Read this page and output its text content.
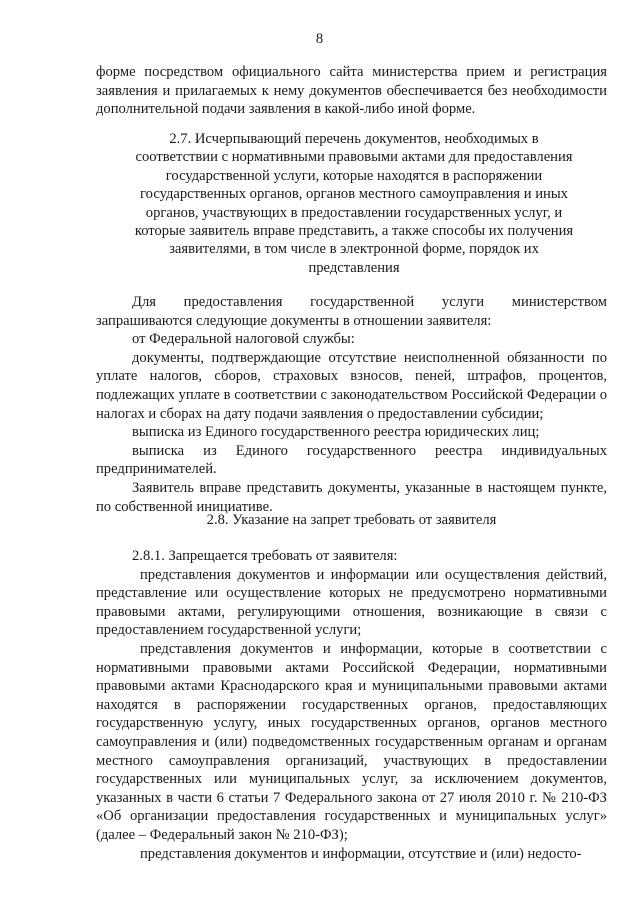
8

форме посредством официального сайта министерства прием и регистрация заявления и прилагаемых к нему документов обеспечивается без необходимости дополнительной подачи заявления в какой-либо иной форме.

2.7. Исчерпывающий перечень документов, необходимых в соответствии с нормативными правовыми актами для предоставления государственной услуги, которые находятся в распоряжении государственных органов, органов местного самоуправления и иных органов, участвующих в предоставлении государственных услуг, и которые заявитель вправе представить, а также способы их получения заявителями, в том числе в электронной форме, порядок их представления

Для предоставления государственной услуги министерством запрашиваются следующие документы в отношении заявителя:

от Федеральной налоговой службы:

документы, подтверждающие отсутствие неисполненной обязанности по уплате налогов, сборов, страховых взносов, пеней, штрафов, процентов, подлежащих уплате в соответствии с законодательством Российской Федерации о налогах и сборах на дату подачи заявления о предоставлении субсидии;

выписка из Единого государственного реестра юридических лиц;

выписка из Единого государственного реестра индивидуальных предпринимателей.

Заявитель вправе представить документы, указанные в настоящем пункте, по собственной инициативе.

2.8. Указание на запрет требовать от заявителя

2.8.1. Запрещается требовать от заявителя:

представления документов и информации или осуществления действий, представление или осуществление которых не предусмотрено нормативными правовыми актами, регулирующими отношения, возникающие в связи с предоставлением государственной услуги;

представления документов и информации, которые в соответствии с нормативными правовыми актами Российской Федерации, нормативными правовыми актами Краснодарского края и муниципальными правовыми актами находятся в распоряжении государственных органов, предоставляющих государственную услугу, иных государственных органов, органов местного самоуправления и (или) подведомственных государственным органам и органам местного самоуправления организаций, участвующих в предоставлении государственных или муниципальных услуг, за исключением документов, указанных в части 6 статьи 7 Федерального закона от 27 июля 2010 г. № 210-ФЗ «Об организации предоставления государственных и муниципальных услуг» (далее – Федеральный закон № 210-ФЗ);

представления документов и информации, отсутствие и (или) недосто-
